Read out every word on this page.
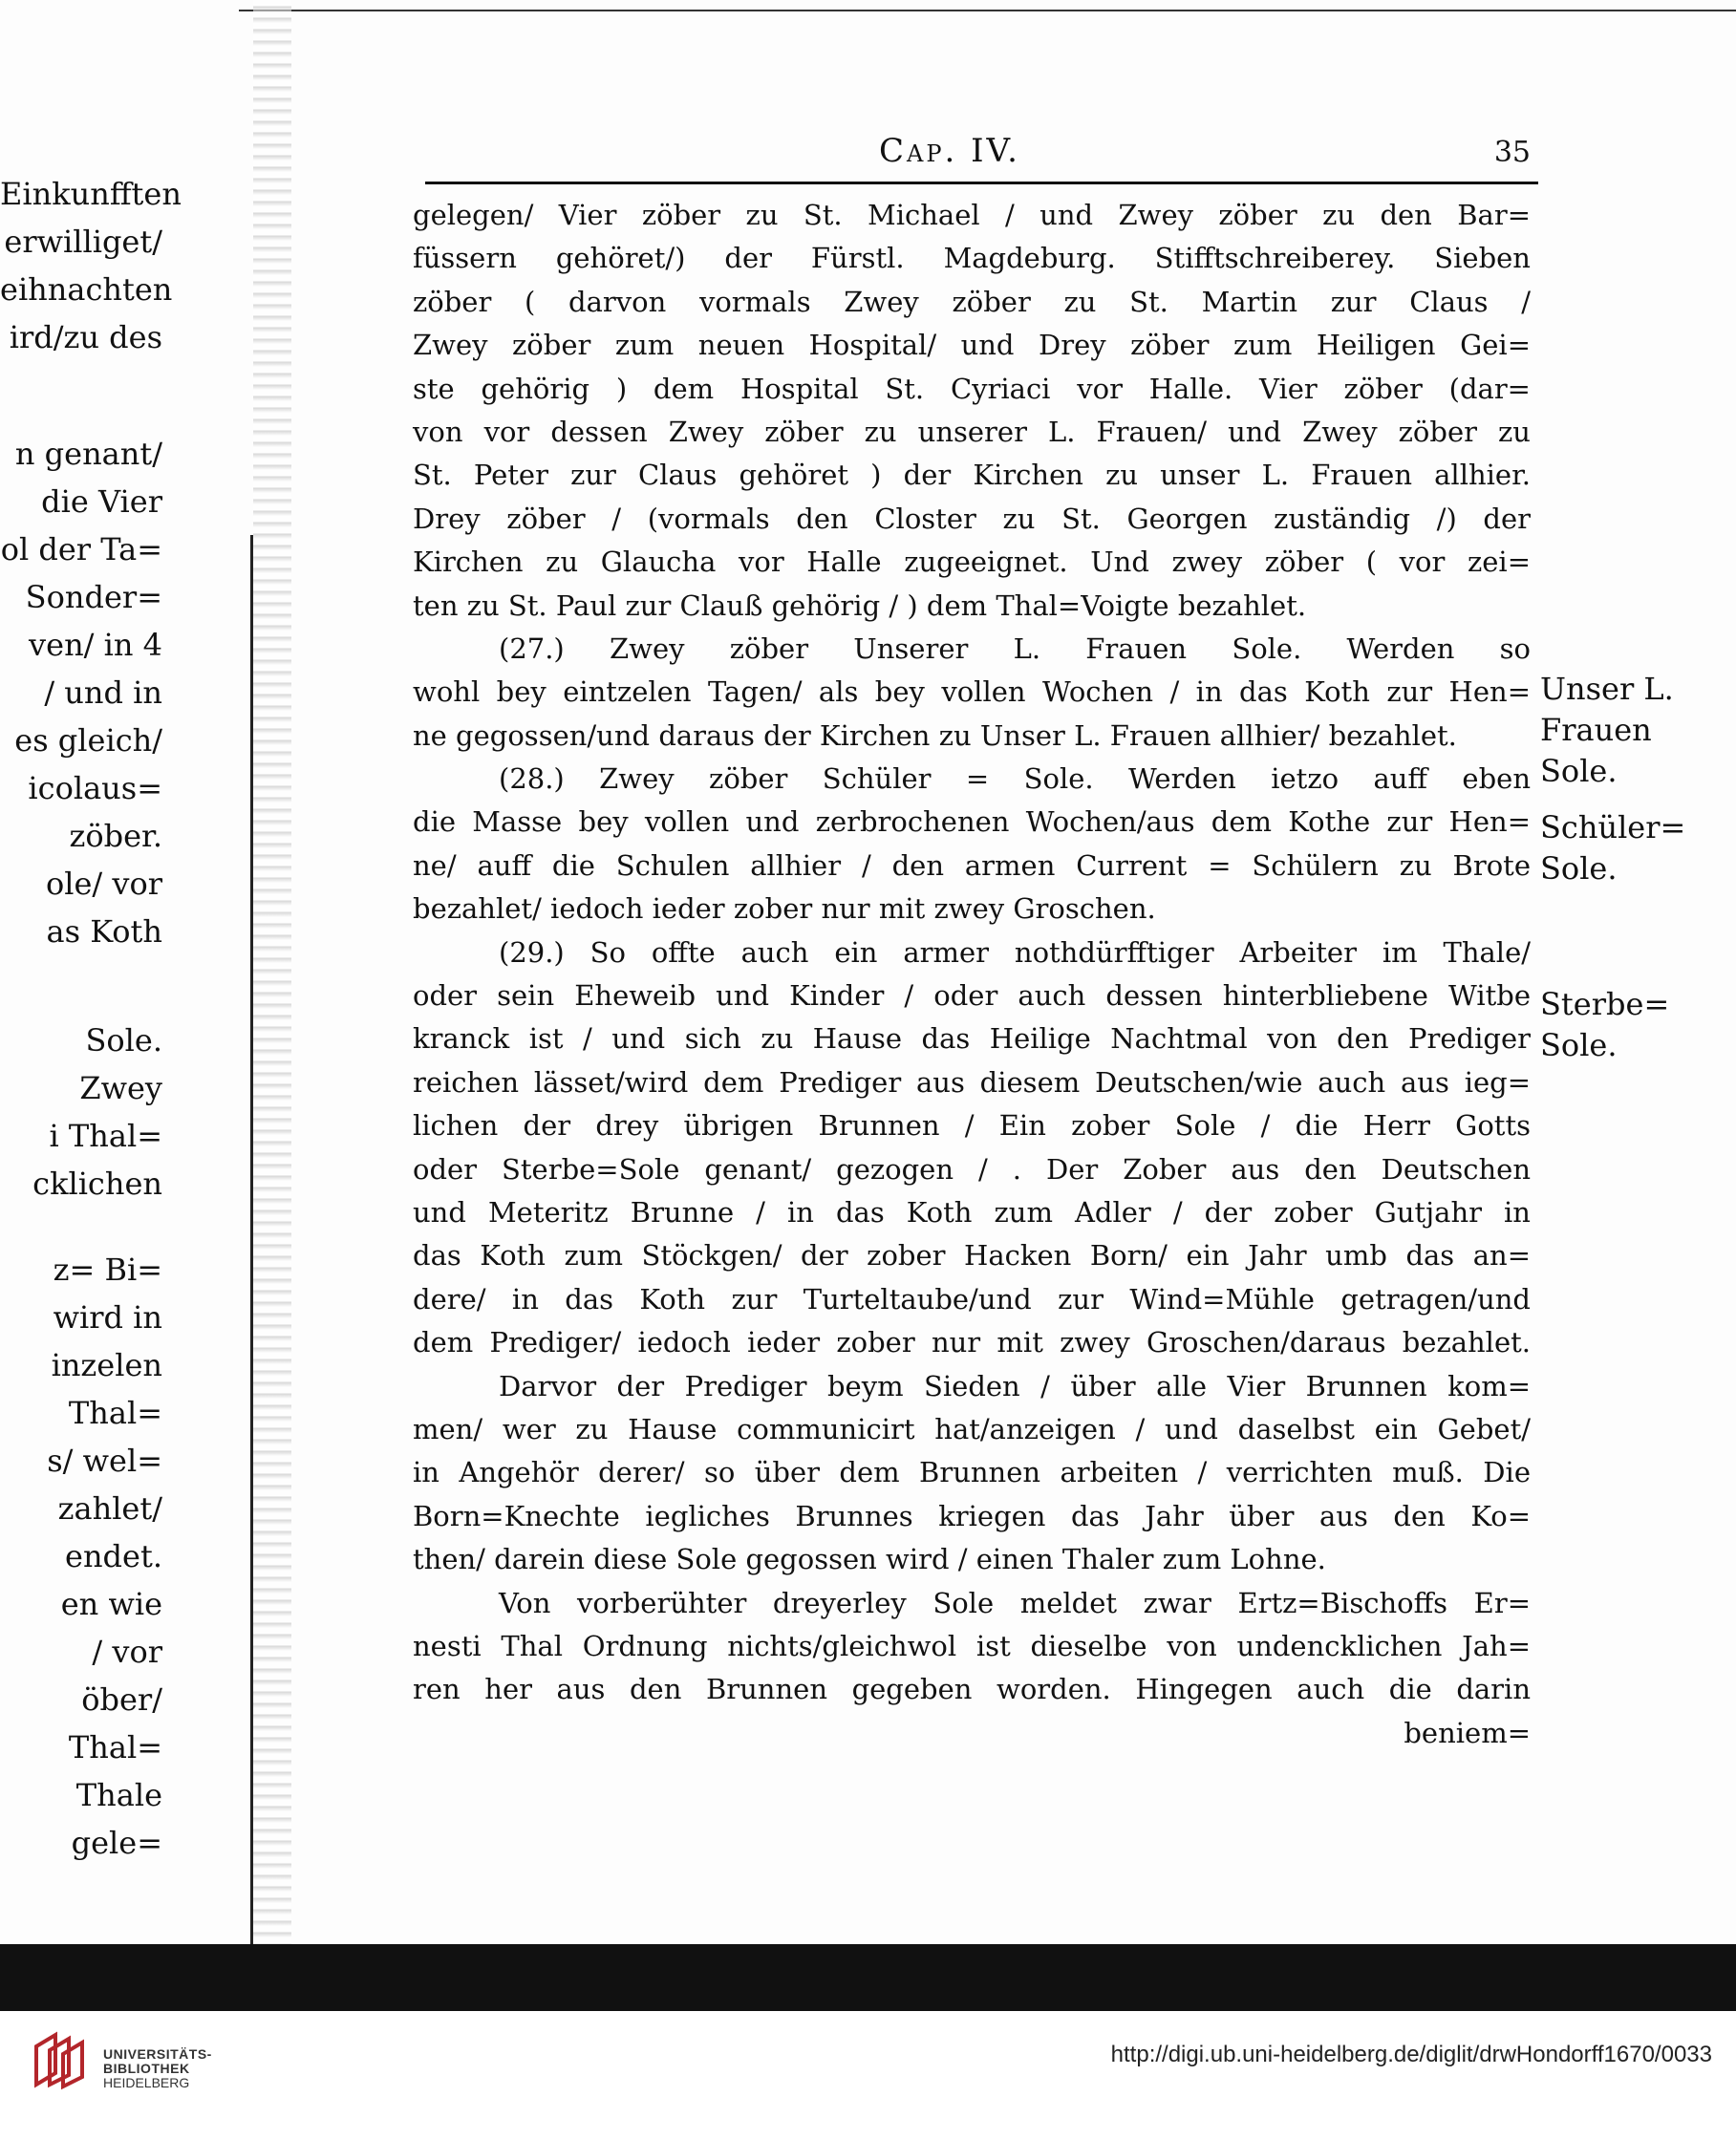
Einkunfften
erwilliget/
eihnachten
ird/zu des
n genant/
die Vier
ol der Ta=
Sonder=
ven/ in 4
/ und in
es gleich/
icolaus=
zöber.
ole/ vor
as Koth
Sole.
Zwey
i Thal=
cklichen
z= Bi=
wird in
inzelen
Thal=
s/ wel=
zahlet/
endet.
en wie
/ vor
öber/
Thal=
Thale
gele=
Cap. IV.	35
gelegen/ Vier zöber zu St. Michael / und Zwey zöber zu den Bar=
füssern gehöret/) der Fürstl. Magdeburg. Stifftschreiberey. Sieben
zöber ( darvon vormals Zwey zöber zu St. Martin zur Claus /
Zwey zöber zum neuen Hospital/ und Drey zöber zum Heiligen Gei=
ste gehörig ) dem Hospital St. Cyriaci vor Halle. Vier zöber (dar=
von vor dessen Zwey zöber zu unserer L. Frauen/ und Zwey zöber zu
St. Peter zur Claus gehöret ) der Kirchen zu unser L. Frauen allhier.
Drey zöber / (vormals den Closter zu St. Georgen zuständig /) der
Kirchen zu Glaucha vor Halle zugeeignet. Und zwey zöber ( vor zei=
ten zu St. Paul zur Clauß gehörig / ) dem Thal=Voigte bezahlet.
(27.) Zwey zöber Unserer L. Frauen Sole. Werden so
wohl bey eintzelen Tagen/ als bey vollen Wochen / in das Koth zur Hen=
ne gegossen/und daraus der Kirchen zu Unser L. Frauen allhier/ bezahlet.
(28.) Zwey zöber Schüler = Sole. Werden ietzo auff eben
die Masse bey vollen und zerbrochenen Wochen/aus dem Kothe zur Hen=
ne/ auff die Schulen allhier / den armen Current = Schülern zu Brote
bezahlet/ iedoch ieder zober nur mit zwey Groschen.
(29.) So offte auch ein armer nothdürfftiger Arbeiter im Thale/
oder sein Eheweib und Kinder / oder auch dessen hinterbliebene Witbe
kranck ist / und sich zu Hause das Heilige Nachtmal von den Prediger
reichen lässet/wird dem Prediger aus diesem Deutschen/wie auch aus ieg=
lichen der drey übrigen Brunnen / Ein zober Sole / die Herr Gotts
oder Sterbe=Sole genant/ gezogen / . Der Zober aus den Deutschen
und Meteritz Brunne / in das Koth zum Adler / der zober Gutjahr in
das Koth zum Stöckgen/ der zober Hacken Born/ ein Jahr umb das an=
dere/ in das Koth zur Turteltaube/und zur Wind=Mühle getragen/und
dem Prediger/ iedoch ieder zober nur mit zwey Groschen/daraus bezahlet.
Darvor der Prediger beym Sieden / über alle Vier Brunnen kom=
men/ wer zu Hause communicirt hat/anzeigen / und daselbst ein Gebet/
in Angehör derer/ so über dem Brunnen arbeiten / verrichten muß. Die
Born=Knechte iegliches Brunnes kriegen das Jahr über aus den Ko=
then/ darein diese Sole gegossen wird / einen Thaler zum Lohne.
Von vorberühter dreyerley Sole meldet zwar Ertz=Bischoffs Er=
nesti Thal Ordnung nichts/gleichwol ist dieselbe von undencklichen Jah=
ren her aus den Brunnen gegeben worden. Hingegen auch die darin
beniem=
Unser L.
Frauen
Sole.
Schüler=
Sole.
Sterbe=
Sole.
UNIVERSITÄTS-
BIBLIOTHEK
HEIDELBERG
http://digi.ub.uni-heidelberg.de/diglit/drwHondorff1670/0033
